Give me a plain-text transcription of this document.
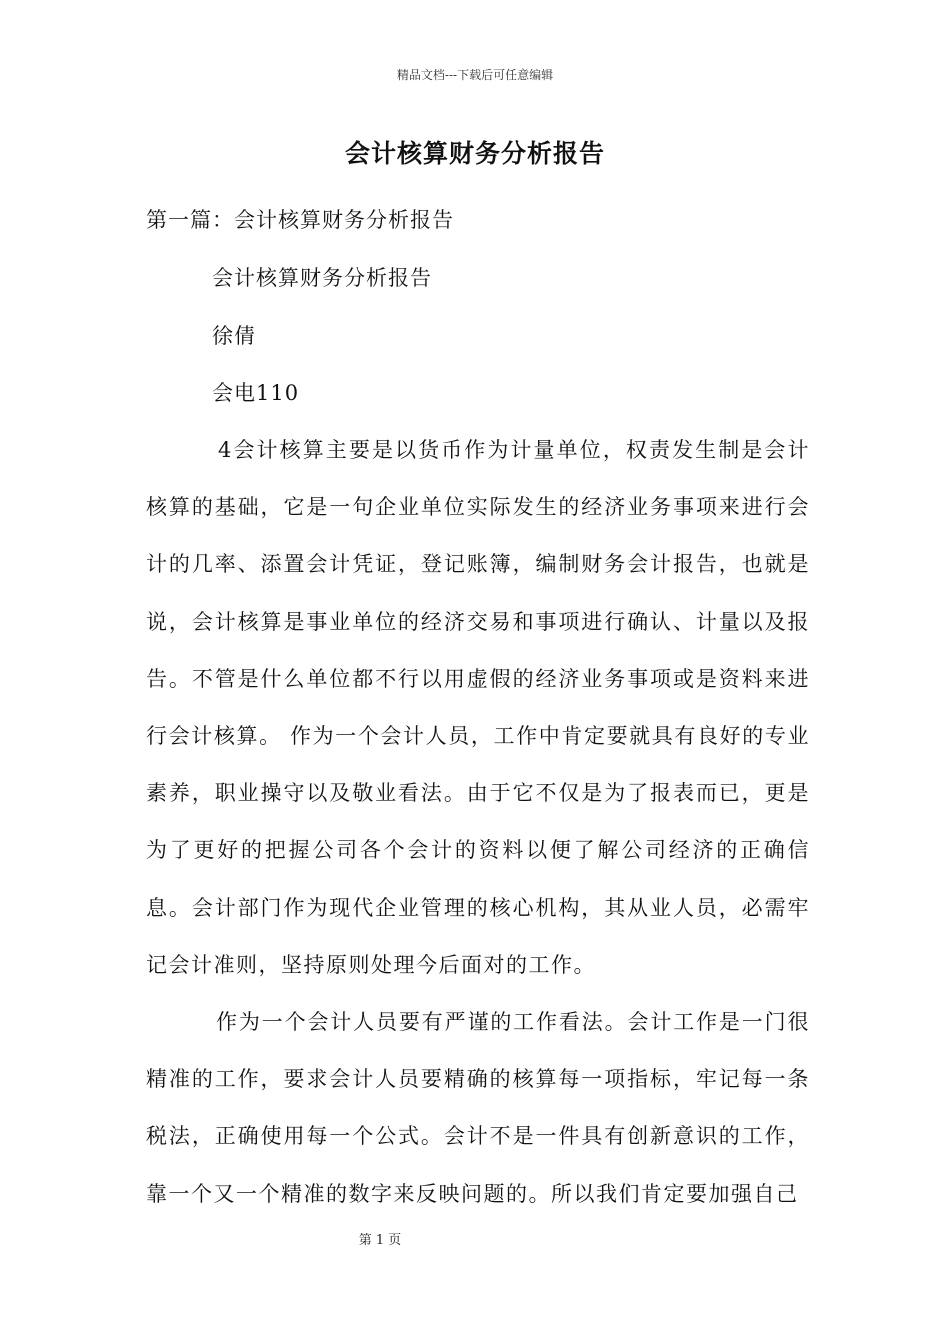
精品文档---下载后可任意编辑
会计核算财务分析报告
第一篇：会计核算财务分析报告
会计核算财务分析报告
徐倩
会电110

4会计核算主要是以货币作为计量单位，权责发生制是会计核算的基础，它是一句企业单位实际发生的经济业务事项来进行会计的几率、添置会计凭证，登记账簿，编制财务会计报告，也就是说，会计核算是事业单位的经济交易和事项进行确认、计量以及报告。不管是什么单位都不行以用虚假的经济业务事项或是资料来进行会计核算。 作为一个会计人员，工作中肯定要就具有良好的专业素养，职业操守以及敬业看法。由于它不仅是为了报表而已，更是为了更好的把握公司各个会计的资料以便了解公司经济的正确信息。会计部门作为现代企业管理的核心机构，其从业人员，必需牢记会计准则，坚持原则处理今后面对的工作。

作为一个会计人员要有严谨的工作看法。会计工作是一门很精准的工作，要求会计人员要精确的核算每一项指标，牢记每一条税法，正确使用每一个公式。会计不是一件具有创新意识的工作，靠一个又一个精准的数字来反映问题的。所以我们肯定要加强自己

第 1 页
